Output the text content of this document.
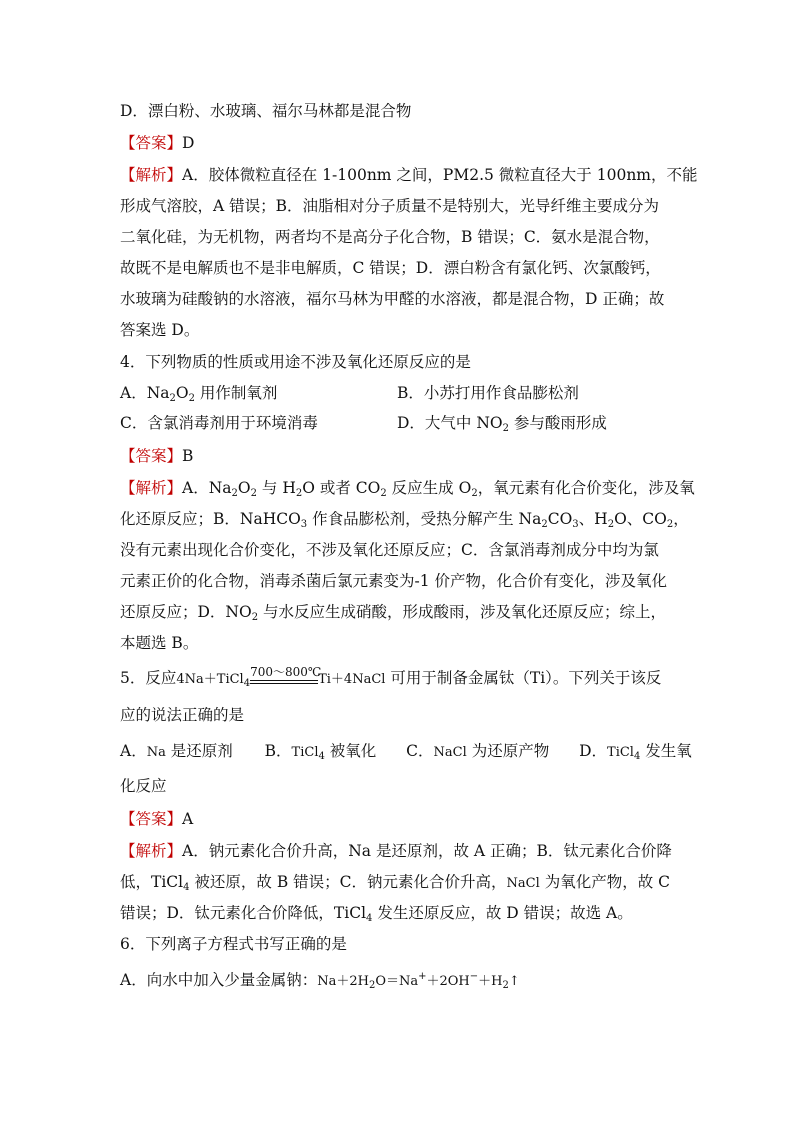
D．漂白粉、水玻璃、福尔马林都是混合物
【答案】D
【解析】A．胶体微粒直径在 1-100nm 之间，PM2.5 微粒直径大于 100nm，不能
形成气溶胶，A 错误；B．油脂相对分子质量不是特别大，光导纤维主要成分为
二氧化硅，为无机物，两者均不是高分子化合物，B 错误；C．氨水是混合物，
故既不是电解质也不是非电解质，C 错误；D．漂白粉含有氯化钙、次氯酸钙，
水玻璃为硅酸钠的水溶液，福尔马林为甲醛的水溶液，都是混合物，D 正确；故
答案选 D。
4．下列物质的性质或用途不涉及氧化还原反应的是
A．$Na_2O_2$ 用作制氧剂	B．小苏打用作食品膨松剂
C．含氯消毒剂用于环境消毒	D．大气中 $NO_2$ 参与酸雨形成
【答案】B
【解析】A．$Na_2O_2$ 与 $H_2O$ 或者 $CO_2$ 反应生成 $O_2$，氧元素有化合价变化，涉及氧
化还原反应；B．NaHCO$_3$ 作食品膨松剂，受热分解产生 $Na_2CO_3$、$H_2O$、$CO_2$，
没有元素出现化合价变化，不涉及氧化还原反应；C．含氯消毒剂成分中均为氯
元素正价的化合物，消毒杀菌后氯元素变为-1 价产物，化合价有变化，涉及氧化
还原反应；D．$NO_2$ 与水反应生成硝酸，形成酸雨，涉及氧化还原反应；综上，
本题选 B。
5．反应4Na＋TiCl$_4$
700～800℃
Ti＋4NaCl 可用于制备金属钛（Ti）。下列关于该反
应的说法正确的是
A．Na 是还原剂 B．TiCl$_4$ 被氧化 C．NaCl 为还原产物 D．TiCl$_4$ 发生氧
化反应
【答案】A
【解析】A．钠元素化合价升高，Na 是还原剂，故 A 正确；B．钛元素化合价降
低，TiCl$_4$ 被还原，故 B 错误；C．钠元素化合价升高，NaCl 为氧化产物，故 C
错误；D．钛元素化合价降低，TiCl$_4$ 发生还原反应，故 D 错误；故选 A。
6．下列离子方程式书写正确的是
A．向水中加入少量金属钠：$Na+2H_2O=Na^++2OH^-+H_2↑$
